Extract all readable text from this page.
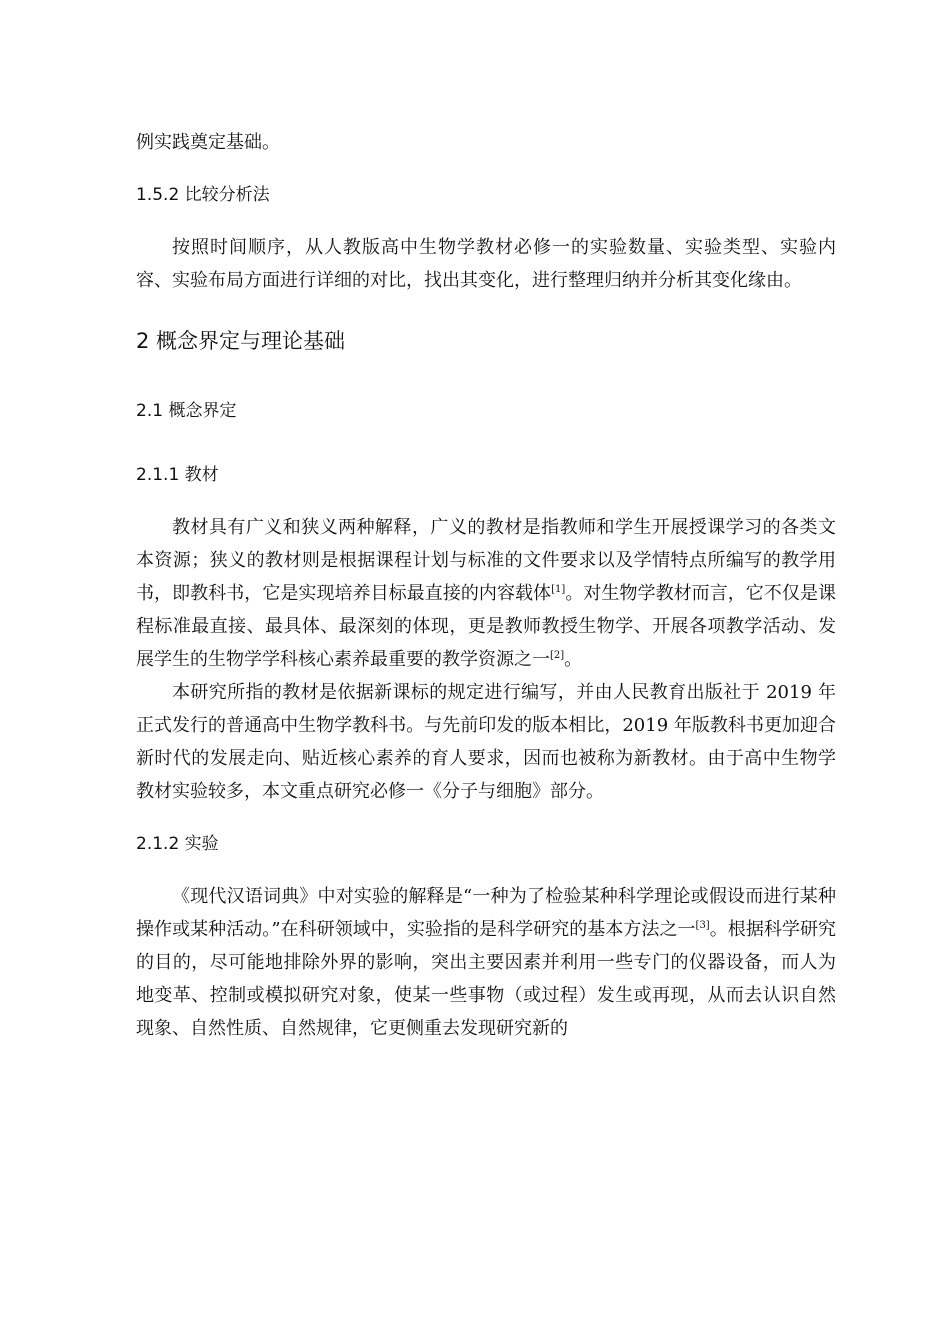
例实践奠定基础。

1.5.2 比较分析法

按照时间顺序，从人教版高中生物学教材必修一的实验数量、实验类型、实验内容、实验布局方面进行详细的对比，找出其变化，进行整理归纳并分析其变化缘由。

2 概念界定与理论基础

2.1 概念界定

2.1.1 教材

教材具有广义和狭义两种解释，广义的教材是指教师和学生开展授课学习的各类文本资源；狭义的教材则是根据课程计划与标准的文件要求以及学情特点所编写的教学用书，即教科书，它是实现培养目标最直接的内容载体[1]。对生物学教材而言，它不仅是课程标准最直接、最具体、最深刻的体现，更是教师教授生物学、开展各项教学活动、发展学生的生物学学科核心素养最重要的教学资源之一[2]。

本研究所指的教材是依据新课标的规定进行编写，并由人民教育出版社于 2019 年正式发行的普通高中生物学教科书。与先前印发的版本相比，2019 年版教科书更加迎合新时代的发展走向、贴近核心素养的育人要求，因而也被称为新教材。由于高中生物学教材实验较多，本文重点研究必修一《分子与细胞》部分。

2.1.2 实验

《现代汉语词典》中对实验的解释是“一种为了检验某种科学理论或假设而进行某种操作或某种活动。”在科研领域中，实验指的是科学研究的基本方法之一[3]。根据科学研究的目的，尽可能地排除外界的影响，突出主要因素并利用一些专门的仪器设备，而人为地变革、控制或模拟研究对象，使某一些事物（或过程）发生或再现，从而去认识自然现象、自然性质、自然规律，它更侧重去发现研究新的
